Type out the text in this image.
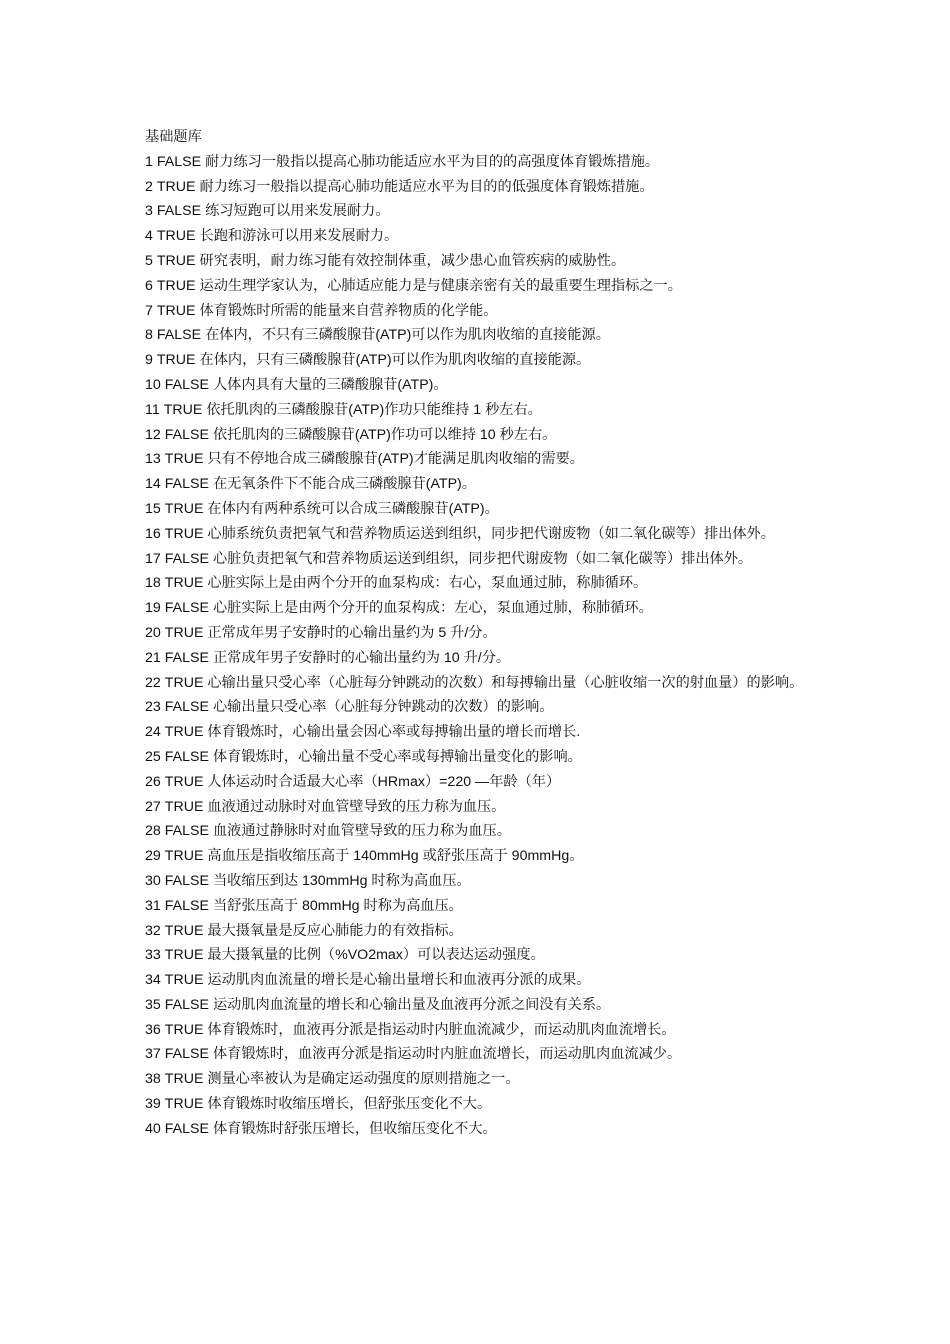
基础题库

1 FALSE 耐力练习一般指以提高心肺功能适应水平为目的的高强度体育锻炼措施。

2 TRUE 耐力练习一般指以提高心肺功能适应水平为目的的低强度体育锻炼措施。

3 FALSE 练习短跑可以用来发展耐力。

4 TRUE 长跑和游泳可以用来发展耐力。

5 TRUE 研究表明，耐力练习能有效控制体重，减少患心血管疾病的威胁性。

6 TRUE 运动生理学家认为，心肺适应能力是与健康亲密有关的最重要生理指标之一。

7 TRUE 体育锻炼时所需的能量来自营养物质的化学能。

8 FALSE 在体内，不只有三磷酸腺苷(ATP)可以作为肌肉收缩的直接能源。

9 TRUE 在体内，只有三磷酸腺苷(ATP)可以作为肌肉收缩的直接能源。

10 FALSE 人体内具有大量的三磷酸腺苷(ATP)。

11 TRUE 依托肌肉的三磷酸腺苷(ATP)作功只能维持 1 秒左右。

12 FALSE 依托肌肉的三磷酸腺苷(ATP)作功可以维持 10 秒左右。

13 TRUE 只有不停地合成三磷酸腺苷(ATP)才能满足肌肉收缩的需要。

14 FALSE 在无氧条件下不能合成三磷酸腺苷(ATP)。

15 TRUE 在体内有两种系统可以合成三磷酸腺苷(ATP)。

16 TRUE 心肺系统负责把氧气和营养物质运送到组织，同步把代谢废物（如二氧化碳等）排出体外。

17 FALSE 心脏负责把氧气和营养物质运送到组织，同步把代谢废物（如二氧化碳等）排出体外。

18 TRUE 心脏实际上是由两个分开的血泵构成：右心，泵血通过肺，称肺循环。

19 FALSE 心脏实际上是由两个分开的血泵构成：左心，泵血通过肺，称肺循环。

20 TRUE 正常成年男子安静时的心输出量约为 5 升/分。

21 FALSE 正常成年男子安静时的心输出量约为 10 升/分。

22 TRUE 心输出量只受心率（心脏每分钟跳动的次数）和每搏输出量（心脏收缩一次的射血量）的影响。

23 FALSE 心输出量只受心率（心脏每分钟跳动的次数）的影响。

24 TRUE 体育锻炼时，心输出量会因心率或每搏输出量的增长而增长.

25 FALSE 体育锻炼时，心输出量不受心率或每搏输出量变化的影响。

26 TRUE 人体运动时合适最大心率（HRmax）=220 —年龄（年）

27 TRUE 血液通过动脉时对血管壁导致的压力称为血压。

28 FALSE 血液通过静脉时对血管壁导致的压力称为血压。

29 TRUE 高血压是指收缩压高于 140mmHg 或舒张压高于 90mmHg。

30 FALSE 当收缩压到达 130mmHg 时称为高血压。

31 FALSE 当舒张压高于 80mmHg 时称为高血压。

32 TRUE 最大摄氧量是反应心肺能力的有效指标。

33 TRUE 最大摄氧量的比例（%VO2max）可以表达运动强度。

34 TRUE 运动肌肉血流量的增长是心输出量增长和血液再分派的成果。

35 FALSE 运动肌肉血流量的增长和心输出量及血液再分派之间没有关系。

36 TRUE 体育锻炼时，血液再分派是指运动时内脏血流减少，而运动肌肉血流增长。

37 FALSE 体育锻炼时，血液再分派是指运动时内脏血流增长，而运动肌肉血流减少。

38 TRUE 测量心率被认为是确定运动强度的原则措施之一。

39 TRUE 体育锻炼时收缩压增长，但舒张压变化不大。

40 FALSE 体育锻炼时舒张压增长，但收缩压变化不大。
